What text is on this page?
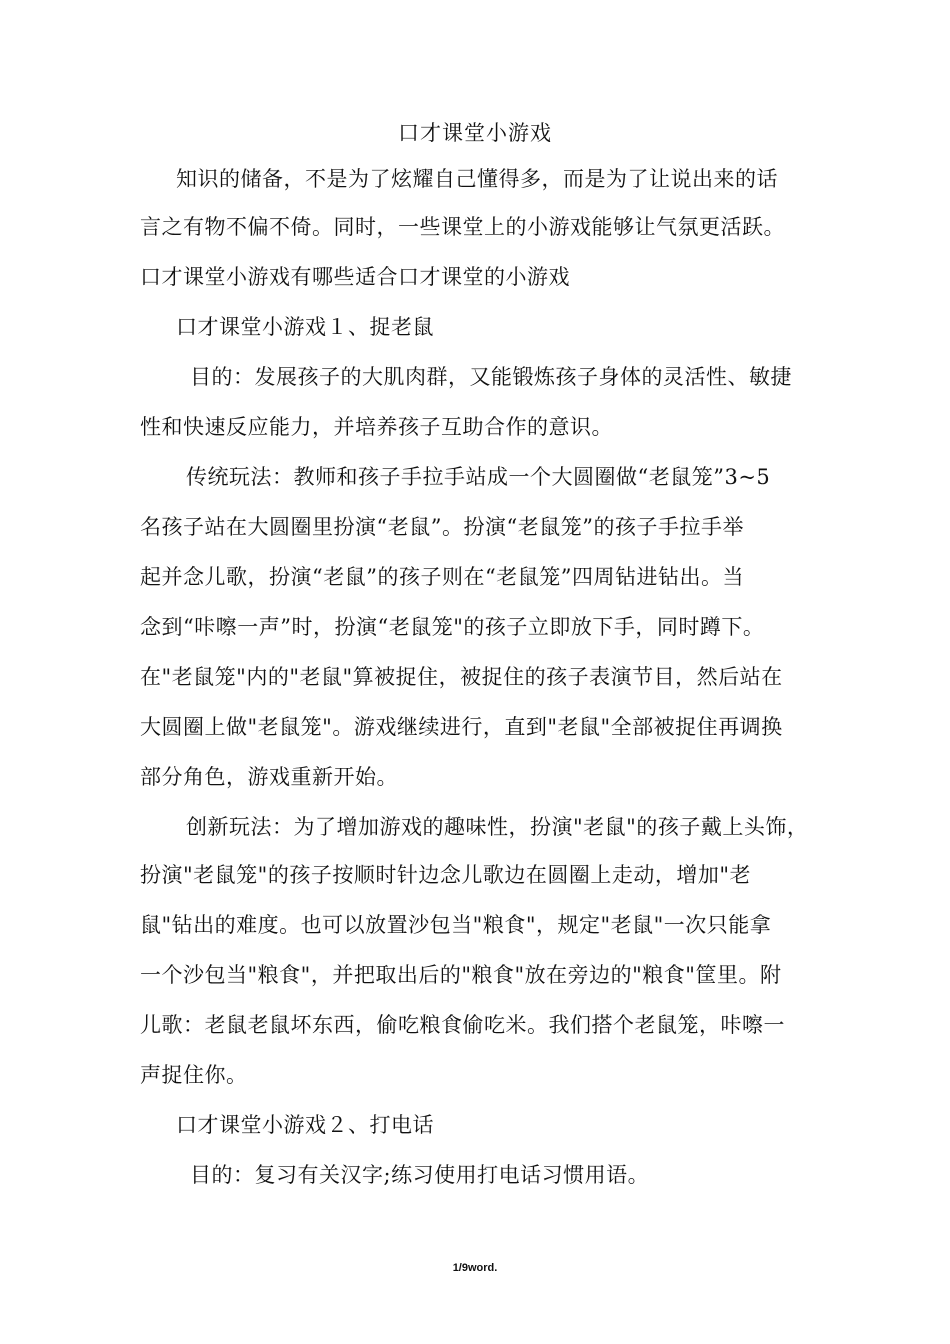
口才课堂小游戏
知识的储备，不是为了炫耀自己懂得多，而是为了让说出来的话
言之有物不偏不倚。同时，一些课堂上的小游戏能够让气氛更活跃。
口才课堂小游戏有哪些适合口才课堂的小游戏
口才课堂小游戏１、捉老鼠
目的：发展孩子的大肌肉群，又能锻炼孩子身体的灵活性、敏捷
性和快速反应能力，并培养孩子互助合作的意识。
传统玩法：教师和孩子手拉手站成一个大圆圈做“老鼠笼”3~5
名孩子站在大圆圈里扮演“老鼠”。扮演“老鼠笼”的孩子手拉手举
起并念儿歌，扮演“老鼠”的孩子则在“老鼠笼”四周钻进钻出。当
念到“咔嚓一声”时，扮演“老鼠笼"的孩子立即放下手，同时蹲下。
在"老鼠笼"内的"老鼠"算被捉住，被捉住的孩子表演节目，然后站在
大圆圈上做"老鼠笼"。游戏继续进行，直到"老鼠"全部被捉住再调换
部分角色，游戏重新开始。
创新玩法：为了增加游戏的趣味性，扮演"老鼠"的孩子戴上头饰，
扮演"老鼠笼"的孩子按顺时针边念儿歌边在圆圈上走动，增加"老
鼠"钻出的难度。也可以放置沙包当"粮食"，规定"老鼠"一次只能拿
一个沙包当"粮食"，并把取出后的"粮食"放在旁边的"粮食"筐里。附
儿歌：老鼠老鼠坏东西，偷吃粮食偷吃米。我们搭个老鼠笼，咔嚓一
声捉住你。
口才课堂小游戏２、打电话
目的：复习有关汉字;练习使用打电话习惯用语。
1/9word.
